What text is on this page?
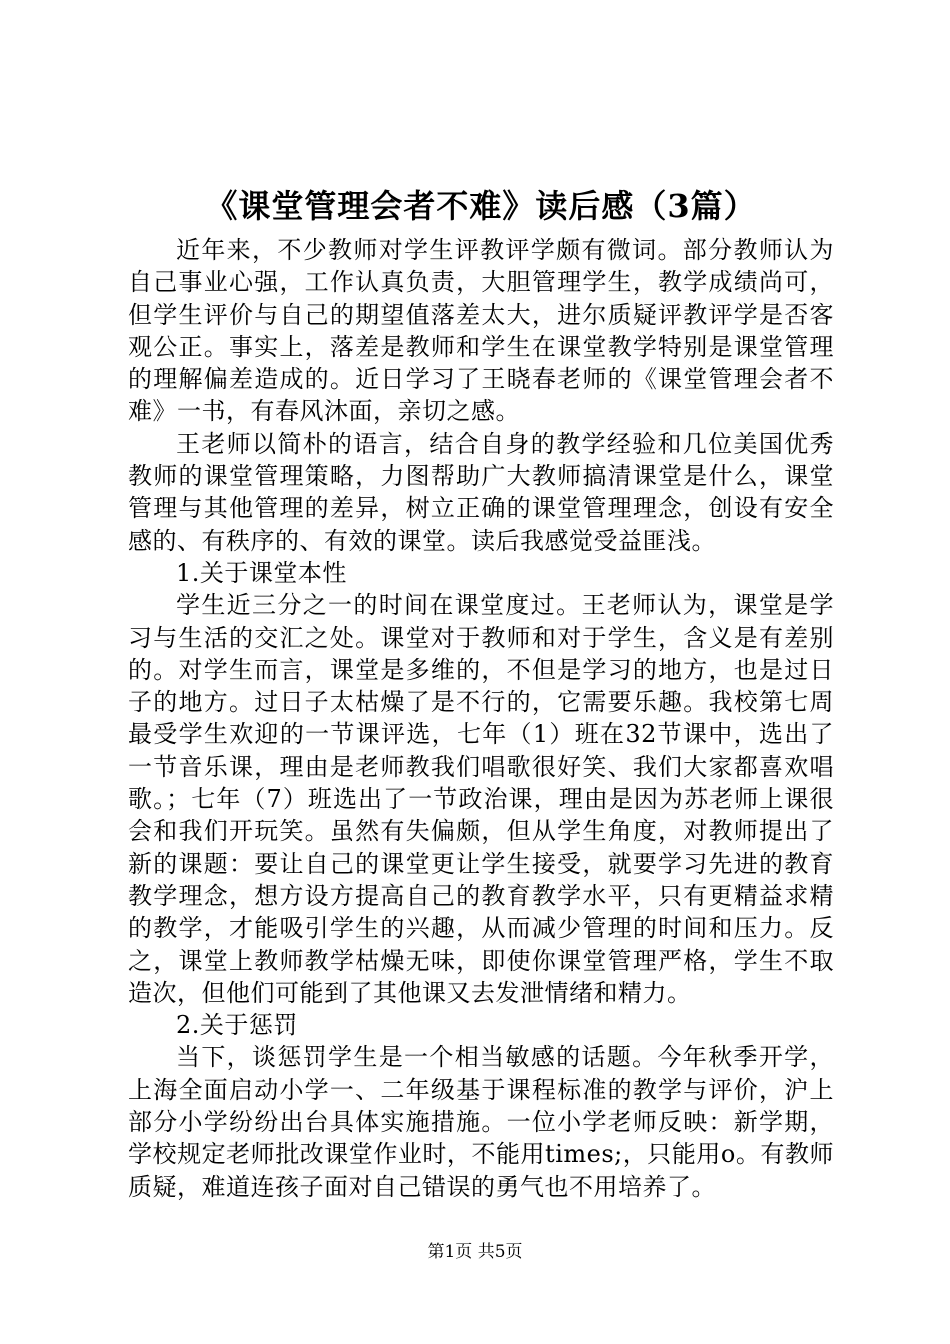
《课堂管理会者不难》读后感（3篇）

近年来，不少教师对学生评教评学颇有微词。部分教师认为自己事业心强，工作认真负责，大胆管理学生，教学成绩尚可，但学生评价与自己的期望值落差太大，进尔质疑评教评学是否客观公正。事实上，落差是教师和学生在课堂教学特别是课堂管理的理解偏差造成的。近日学习了王晓春老师的《课堂管理会者不难》一书，有春风沐面，亲切之感。

王老师以简朴的语言，结合自身的教学经验和几位美国优秀教师的课堂管理策略，力图帮助广大教师搞清课堂是什么，课堂管理与其他管理的差异，树立正确的课堂管理理念，创设有安全感的、有秩序的、有效的课堂。读后我感觉受益匪浅。

1.关于课堂本性

学生近三分之一的时间在课堂度过。王老师认为，课堂是学习与生活的交汇之处。课堂对于教师和对于学生，含义是有差别的。对学生而言，课堂是多维的，不但是学习的地方，也是过日子的地方。过日子太枯燥了是不行的，它需要乐趣。我校第七周最受学生欢迎的一节课评选，七年（1）班在32节课中，选出了一节音乐课，理由是老师教我们唱歌很好笑、我们大家都喜欢唱歌。；七年（7）班选出了一节政治课，理由是因为苏老师上课很会和我们开玩笑。虽然有失偏颇，但从学生角度，对教师提出了新的课题：要让自己的课堂更让学生接受，就要学习先进的教育教学理念，想方设方提高自己的教育教学水平，只有更精益求精的教学，才能吸引学生的兴趣，从而减少管理的时间和压力。反之，课堂上教师教学枯燥无味，即使你课堂管理严格，学生不取造次，但他们可能到了其他课又去发泄情绪和精力。

2.关于惩罚

当下，谈惩罚学生是一个相当敏感的话题。今年秋季开学，上海全面启动小学一、二年级基于课程标准的教学与评价，沪上部分小学纷纷出台具体实施措施。一位小学老师反映：新学期，学校规定老师批改课堂作业时，不能用times;，只能用o。有教师质疑，难道连孩子面对自己错误的勇气也不用培养了。

第1页 共5页
